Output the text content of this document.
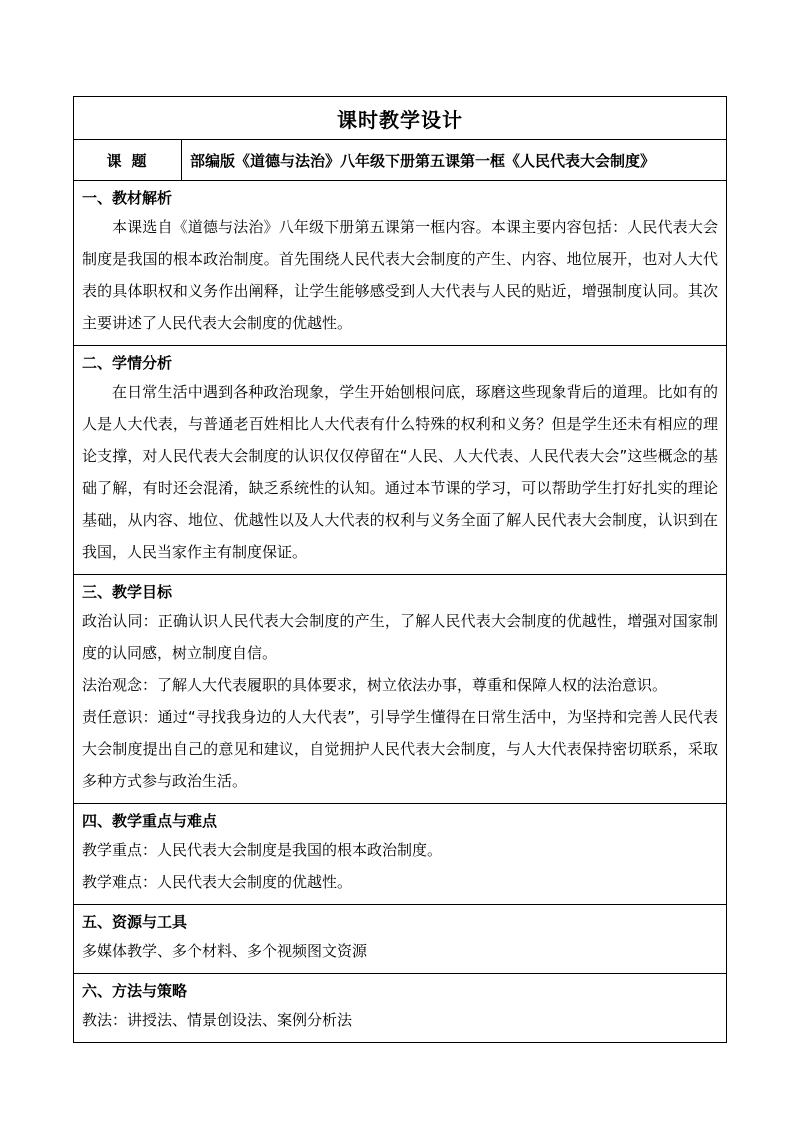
课时教学设计
课题	部编版《道德与法治》八年级下册第五课第一框《人民代表大会制度》
一、教材解析
本课选自《道德与法治》八年级下册第五课第一框内容。本课主要内容包括：人民代表大会制度是我国的根本政治制度。首先围绕人民代表大会制度的产生、内容、地位展开，也对人大代表的具体职权和义务作出阐释，让学生能够感受到人大代表与人民的贴近，增强制度认同。其次主要讲述了人民代表大会制度的优越性。
二、学情分析
在日常生活中遇到各种政治现象，学生开始刨根问底，琢磨这些现象背后的道理。比如有的人是人大代表，与普通老百姓相比人大代表有什么特殊的权利和义务？但是学生还未有相应的理论支撑，对人民代表大会制度的认识仅仅停留在“人民、人大代表、人民代表大会”这些概念的基础了解，有时还会混淆，缺乏系统性的认知。通过本节课的学习，可以帮助学生打好扎实的理论基础，从内容、地位、优越性以及人大代表的权利与义务全面了解人民代表大会制度，认识到在我国，人民当家作主有制度保证。
三、教学目标
政治认同：正确认识人民代表大会制度的产生，了解人民代表大会制度的优越性，增强对国家制度的认同感，树立制度自信。
法治观念：了解人大代表履职的具体要求，树立依法办事，尊重和保障人权的法治意识。
责任意识：通过“寻找我身边的人大代表”，引导学生懂得在日常生活中，为坚持和完善人民代表大会制度提出自己的意见和建议，自觉拥护人民代表大会制度，与人大代表保持密切联系，采取多种方式参与政治生活。
四、教学重点与难点
教学重点：人民代表大会制度是我国的根本政治制度。
教学难点：人民代表大会制度的优越性。
五、资源与工具
多媒体教学、多个材料、多个视频图文资源
六、方法与策略
教法：讲授法、情景创设法、案例分析法
